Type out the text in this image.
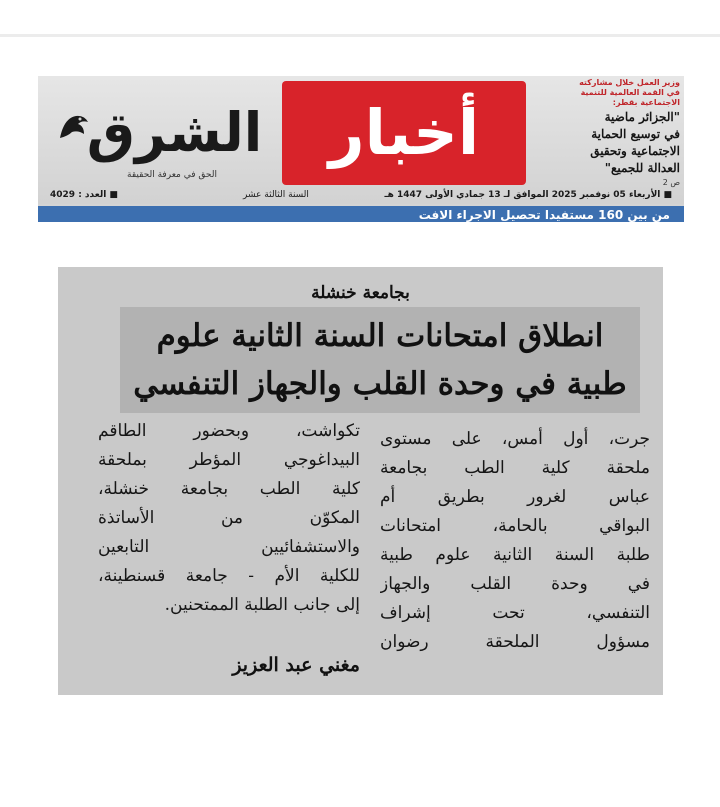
الشرق
الحق في معرفة الحقيقة
أخبار
وزير العمل خلال مشاركته
في القمة العالمية للتنمية
الاجتماعية بقطر:
"الجزائر ماضية
في توسيع الحماية
الاجتماعية وتحقيق
العدالة للجميع"
ص 2
■ الأربعاء 05 نوفمبر 2025 الموافق لـ 13 جمادي الأولى 1447 هـ
السنة الثالثة عشر
■ العدد : 4029
من بين 160 مستفيدا تحصيل الاجراء الافت
بجامعة خنشلة
انطلاق امتحانات السنة الثانية علوم
طبية في وحدة القلب والجهاز التنفسي
جرت، أول أمس، على مستوى
ملحقة كلية الطب بجامعة
عباس لغرور بطريق أم
البواقي بالحامة، امتحانات
طلبة السنة الثانية علوم طبية
في وحدة القلب والجهاز
التنفسي، تحت إشراف
مسؤول الملحقة رضوان
تكواشت، وبحضور الطاقم
البيداغوجي المؤطر بملحقة
كلية الطب بجامعة خنشلة،
المكوّن من الأساتذة
والاستشفائيين التابعين
للكلية الأم - جامعة قسنطينة،
إلى جانب الطلبة الممتحنين.
مغني عبد العزيز
